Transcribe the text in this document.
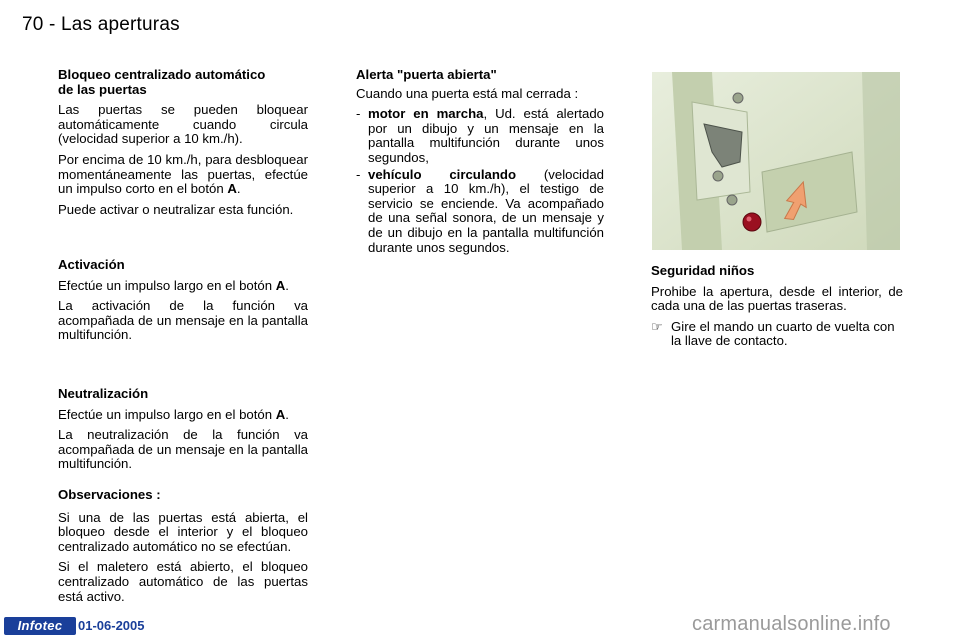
70 - Las aperturas
Bloqueo centralizado automático
de las puertas

Las puertas se pueden bloquear automáticamente cuando circula (velocidad superior a 10 km./h).

Por encima de 10 km./h, para desbloquear momentáneamente las puertas, efectúe un impulso corto en el botón A.

Puede activar o neutralizar esta función.

Activación

Efectúe un impulso largo en el botón A.

La activación de la función va acompañada de un mensaje en la pantalla multifunción.

Neutralización

Efectúe un impulso largo en el botón A.

La neutralización de la función va acompañada de un mensaje en la pantalla multifunción.

Observaciones :

Si una de las puertas está abierta, el bloqueo desde el interior y el bloqueo centralizado automático no se efectúan.

Si el maletero está abierto, el bloqueo centralizado automático de las puertas está activo.

Alerta "puerta abierta"

Cuando una puerta está mal cerrada :

- motor en marcha, Ud. está alertado por un dibujo y un mensaje en la pantalla multifunción durante unos segundos,
- vehículo circulando (velocidad superior a 10 km./h), el testigo de servicio se enciende. Va acompañado de una señal sonora, de un mensaje y de un dibujo en la pantalla multifunción durante unos segundos.
Seguridad niños

Prohibe la apertura, desde el interior, de cada una de las puertas traseras.

☞ Gire el mando un cuarto de vuelta con la llave de contacto.
Infotec	01-06-2005	carmanualsonline.info
